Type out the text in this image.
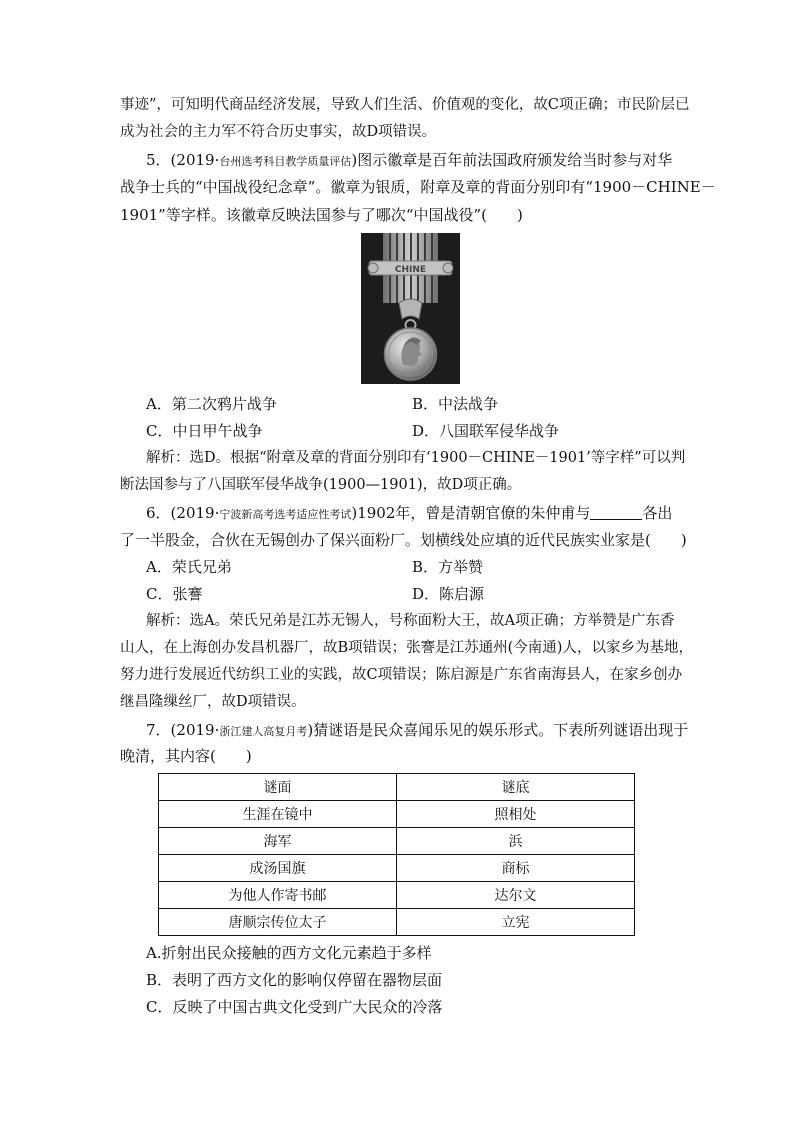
事迹”，可知明代商品经济发展，导致人们生活、价值观的变化，故C项正确；市民阶层已
成为社会的主力军不符合历史事实，故D项错误。
5．(2019·台州选考科目教学质量评估)图示徽章是百年前法国政府颁发给当时参与对华
战争士兵的“中国战役纪念章”。徽章为银质，附章及章的背面分别印有“1900－CHINE－
1901”等字样。该徽章反映法国参与了哪次“中国战役”(　　)
CHINE
A．第二次鸦片战争	B．中法战争
C．中日甲午战争	D．八国联军侵华战争
解析：选D。根据“附章及章的背面分别印有‘1900－CHINE－1901’等字样”可以判
断法国参与了八国联军侵华战争(1900—1901)，故D项正确。
6．(2019·宁波新高考选考适应性考试)1902年，曾是清朝官僚的朱仲甫与	各出
了一半股金，合伙在无锡创办了保兴面粉厂。划横线处应填的近代民族实业家是(　　)
A．荣氏兄弟	B．方举赞
C．张謇	D．陈启源
解析：选A。荣氏兄弟是江苏无锡人，号称面粉大王，故A项正确；方举赞是广东香
山人，在上海创办发昌机器厂，故B项错误；张謇是江苏通州(今南通)人，以家乡为基地，
努力进行发展近代纺织工业的实践，故C项错误；陈启源是广东省南海县人，在家乡创办
继昌隆缫丝厂，故D项错误。
7．(2019·浙江建人高复月考)猜谜语是民众喜闻乐见的娱乐形式。下表所列谜语出现于
晚清，其内容(　　)
谜面	谜底
生涯在镜中	照相处
海军	浜
成汤国旗	商标
为他人作寄书邮	达尔文
唐顺宗传位太子	立宪
A.折射出民众接触的西方文化元素趋于多样
B．表明了西方文化的影响仅停留在器物层面
C．反映了中国古典文化受到广大民众的冷落
